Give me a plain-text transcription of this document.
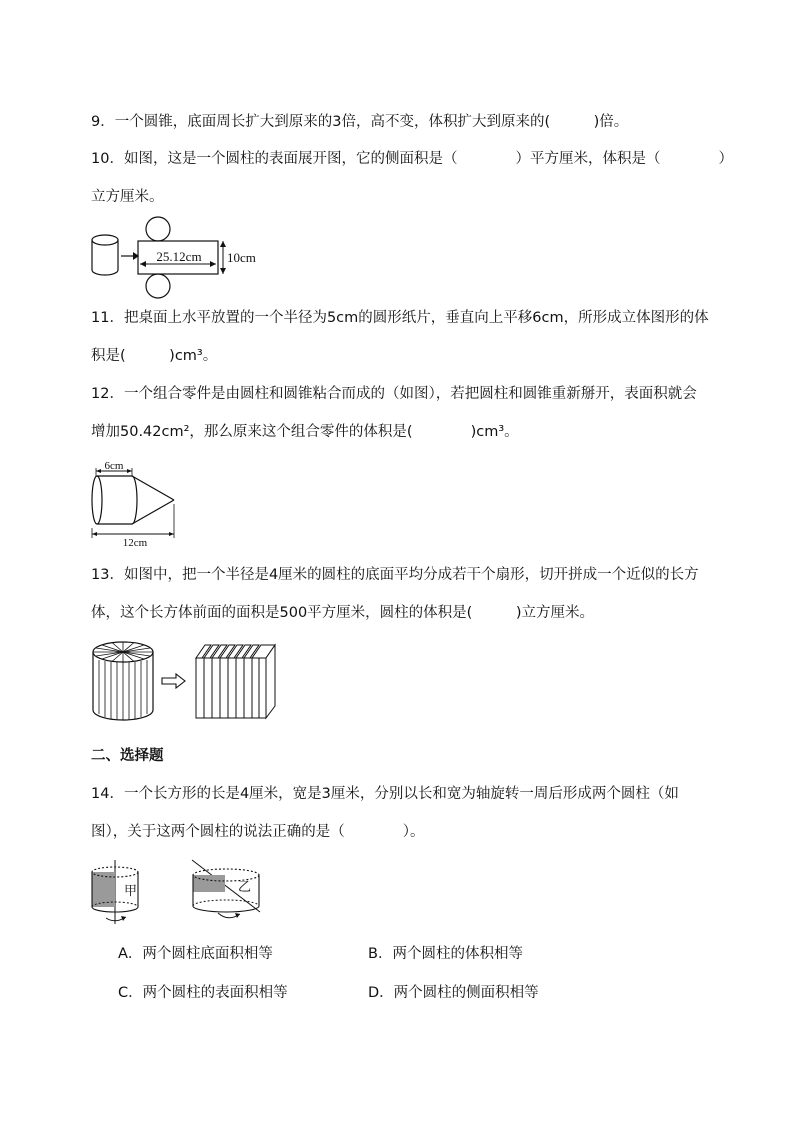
9．一个圆锥，底面周长扩大到原来的3倍，高不变，体积扩大到原来的(　　　)倍。
10．如图，这是一个圆柱的表面展开图，它的侧面积是（　　　　）平方厘米，体积是（　　　　）
立方厘米。
25.12cm 10cm
11．把桌面上水平放置的一个半径为5cm的圆形纸片，垂直向上平移6cm，所形成立体图形的体
积是(　　　)cm³。
12．一个组合零件是由圆柱和圆锥粘合而成的（如图），若把圆柱和圆锥重新掰开，表面积就会
增加50.42cm²，那么原来这个组合零件的体积是(　　　　)cm³。
6cm
12cm
13．如图中，把一个半径是4厘米的圆柱的底面平均分成若干个扇形，切开拼成一个近似的长方
体，这个长方体前面的面积是500平方厘米，圆柱的体积是(　　　)立方厘米。
二、选择题
14．一个长方形的长是4厘米，宽是3厘米，分别以长和宽为轴旋转一周后形成两个圆柱（如
图），关于这两个圆柱的说法正确的是（　　　　）。
甲	乙
A．两个圆柱底面积相等	B．两个圆柱的体积相等
C．两个圆柱的表面积相等	D．两个圆柱的侧面积相等
